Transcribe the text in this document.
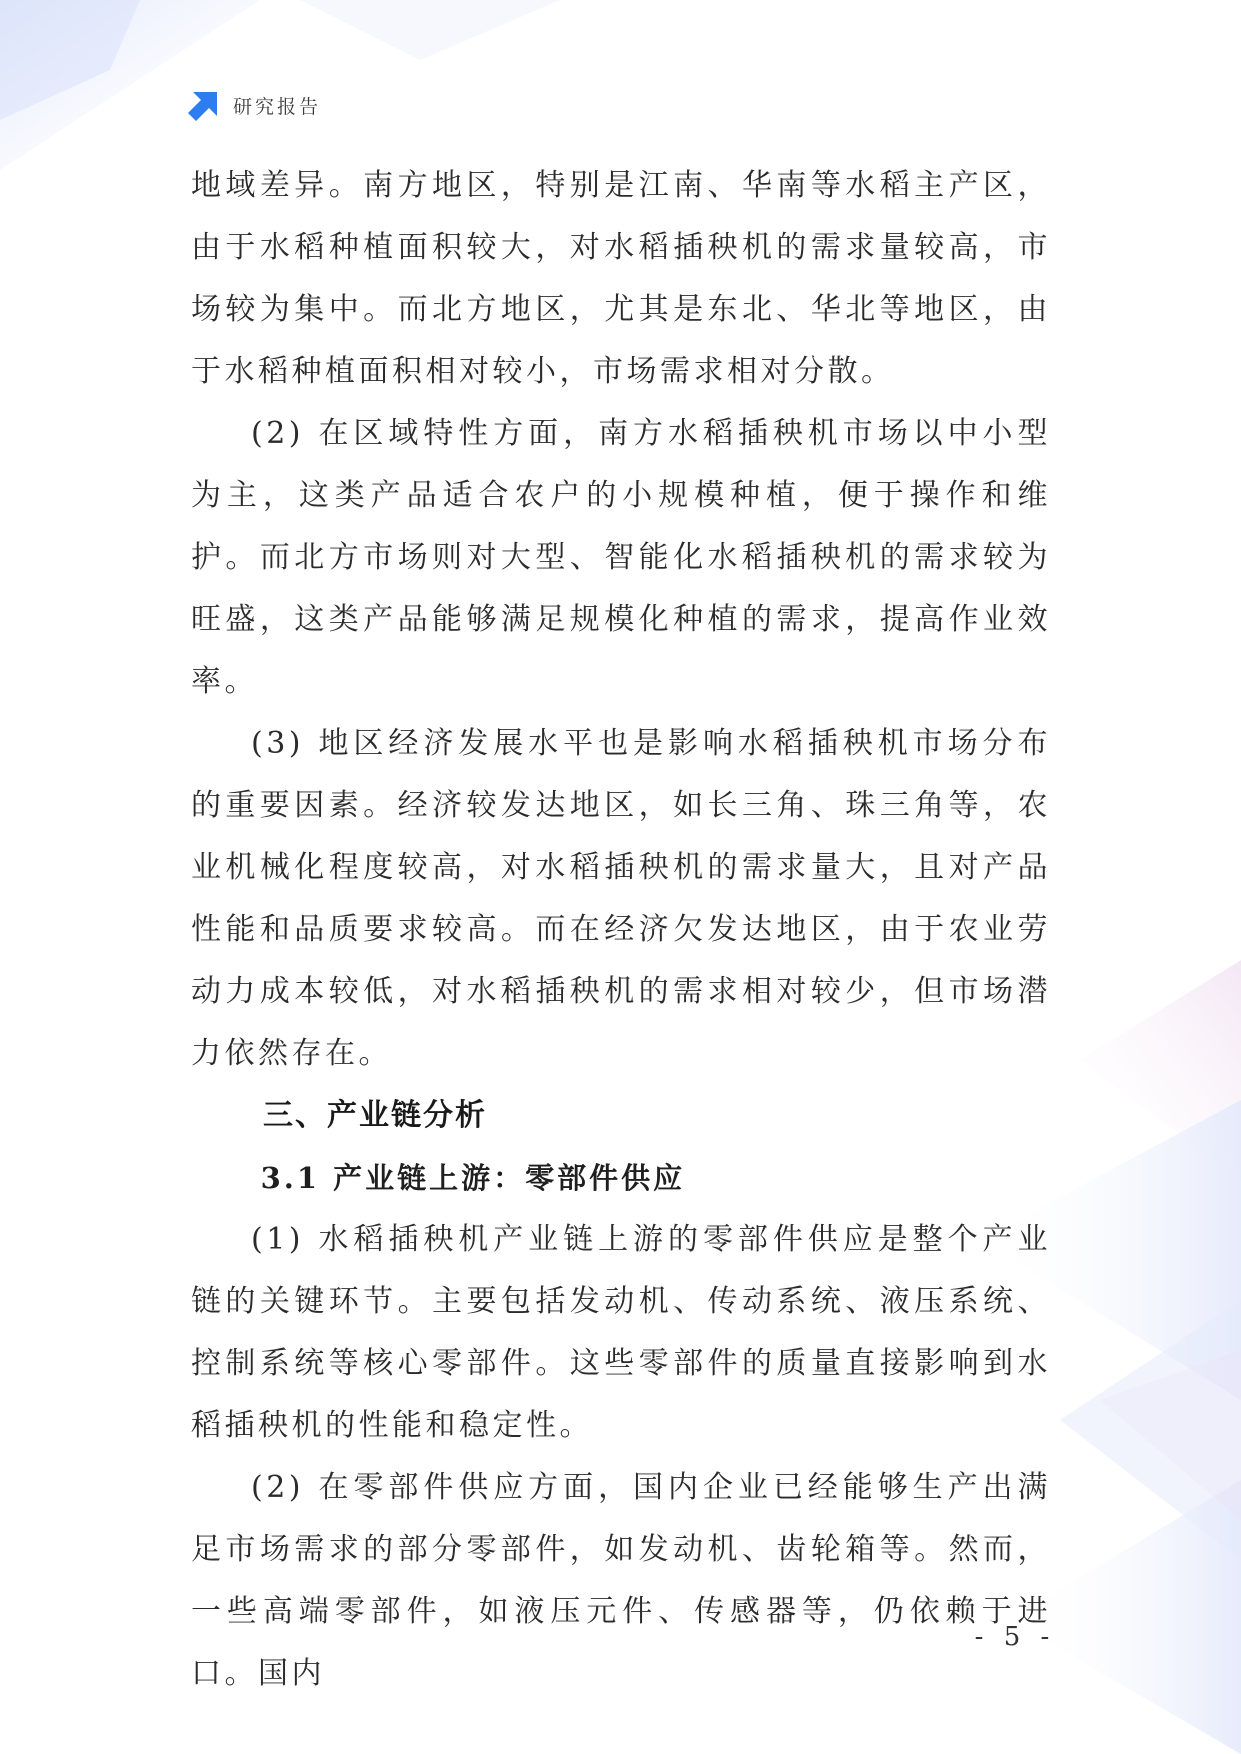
研究报告

地域差异。南方地区，特别是江南、华南等水稻主产区，由于水稻种植面积较大，对水稻插秧机的需求量较高，市场较为集中。而北方地区，尤其是东北、华北等地区，由于水稻种植面积相对较小，市场需求相对分散。

(2) 在区域特性方面，南方水稻插秧机市场以中小型为主，这类产品适合农户的小规模种植，便于操作和维护。而北方市场则对大型、智能化水稻插秧机的需求较为旺盛，这类产品能够满足规模化种植的需求，提高作业效率。

(3) 地区经济发展水平也是影响水稻插秧机市场分布的重要因素。经济较发达地区，如长三角、珠三角等，农业机械化程度较高，对水稻插秧机的需求量大，且对产品性能和品质要求较高。而在经济欠发达地区，由于农业劳动力成本较低，对水稻插秧机的需求相对较少，但市场潜力依然存在。

三、产业链分析
3.1 产业链上游：零部件供应

(1) 水稻插秧机产业链上游的零部件供应是整个产业链的关键环节。主要包括发动机、传动系统、液压系统、控制系统等核心零部件。这些零部件的质量直接影响到水稻插秧机的性能和稳定性。

(2) 在零部件供应方面，国内企业已经能够生产出满足市场需求的部分零部件，如发动机、齿轮箱等。然而，一些高端零部件，如液压元件、传感器等，仍依赖于进口。国内

- 5 -
